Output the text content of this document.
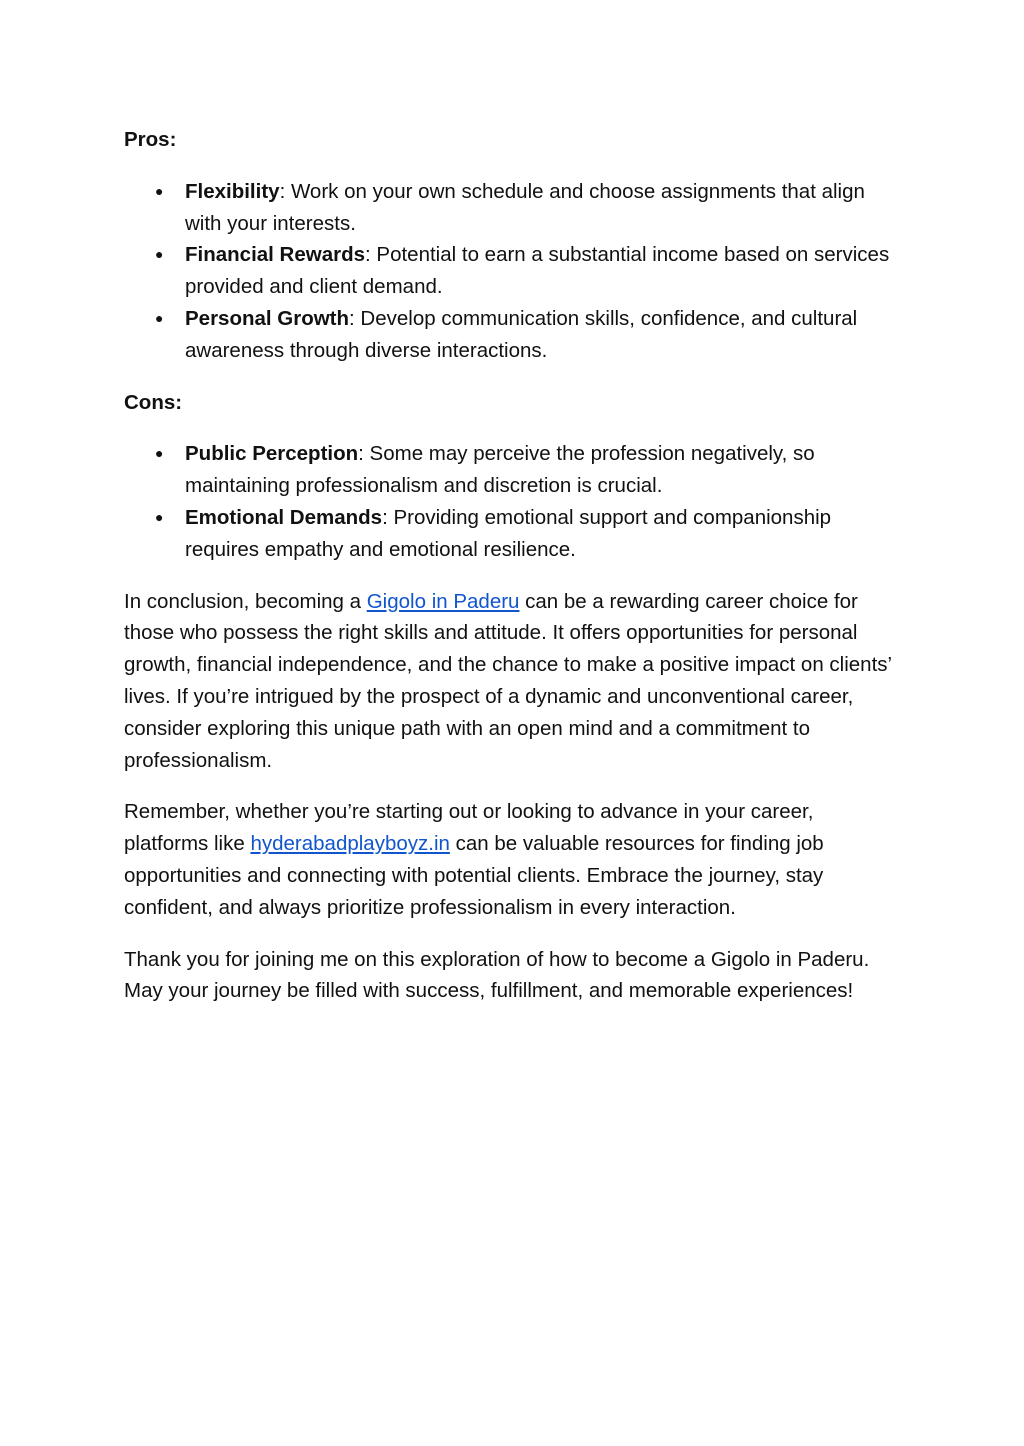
Pros:

● Flexibility: Work on your own schedule and choose assignments that align with your interests.
● Financial Rewards: Potential to earn a substantial income based on services provided and client demand.
● Personal Growth: Develop communication skills, confidence, and cultural awareness through diverse interactions.

Cons:

● Public Perception: Some may perceive the profession negatively, so maintaining professionalism and discretion is crucial.
● Emotional Demands: Providing emotional support and companionship requires empathy and emotional resilience.

In conclusion, becoming a Gigolo in Paderu can be a rewarding career choice for those who possess the right skills and attitude. It offers opportunities for personal growth, financial independence, and the chance to make a positive impact on clients’ lives. If you’re intrigued by the prospect of a dynamic and unconventional career, consider exploring this unique path with an open mind and a commitment to professionalism.

Remember, whether you’re starting out or looking to advance in your career, platforms like hyderabadplayboyz.in can be valuable resources for finding job opportunities and connecting with potential clients. Embrace the journey, stay confident, and always prioritize professionalism in every interaction.

Thank you for joining me on this exploration of how to become a Gigolo in Paderu. May your journey be filled with success, fulfillment, and memorable experiences!
